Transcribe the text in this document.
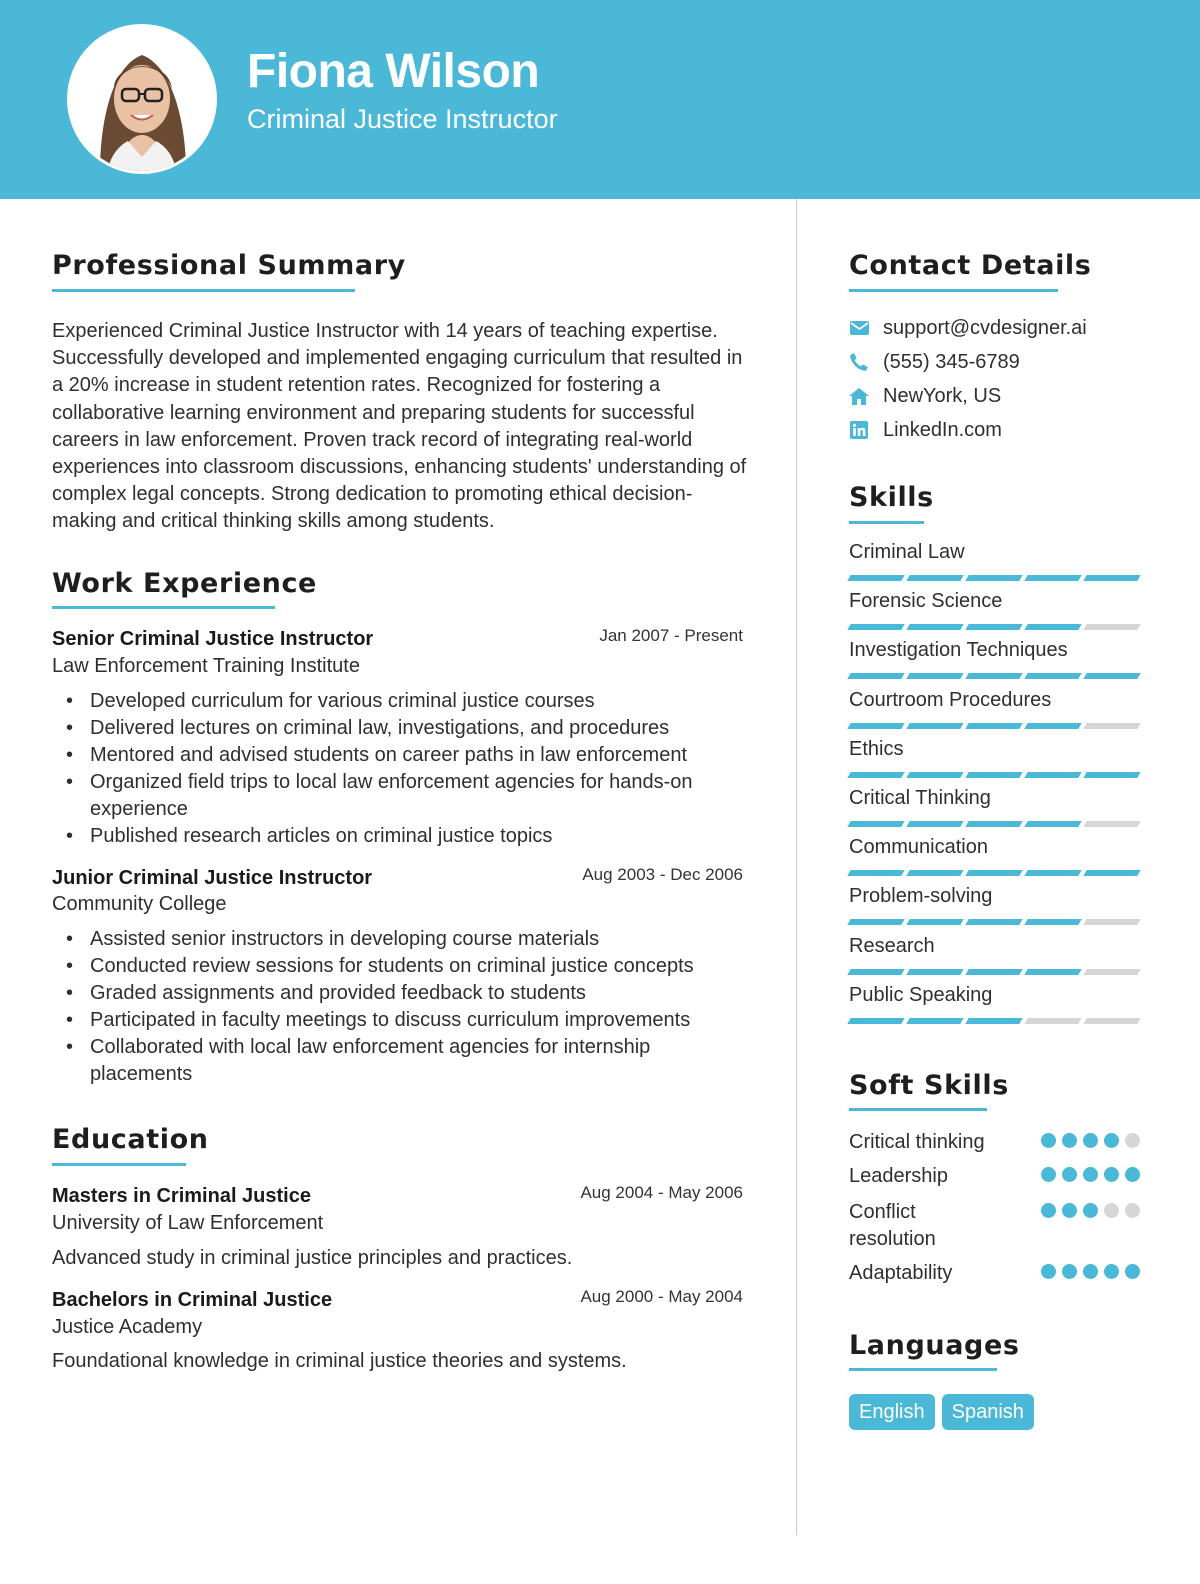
Fiona Wilson
Criminal Justice Instructor
Professional Summary
Experienced Criminal Justice Instructor with 14 years of teaching expertise. Successfully developed and implemented engaging curriculum that resulted in a 20% increase in student retention rates. Recognized for fostering a collaborative learning environment and preparing students for successful careers in law enforcement. Proven track record of integrating real-world experiences into classroom discussions, enhancing students' understanding of complex legal concepts. Strong dedication to promoting ethical decision-making and critical thinking skills among students.
Work Experience
Senior Criminal Justice Instructor	Jan 2007 - Present
Law Enforcement Training Institute
• Developed curriculum for various criminal justice courses
• Delivered lectures on criminal law, investigations, and procedures
• Mentored and advised students on career paths in law enforcement
• Organized field trips to local law enforcement agencies for hands-on experience
• Published research articles on criminal justice topics
Junior Criminal Justice Instructor	Aug 2003 - Dec 2006
Community College
• Assisted senior instructors in developing course materials
• Conducted review sessions for students on criminal justice concepts
• Graded assignments and provided feedback to students
• Participated in faculty meetings to discuss curriculum improvements
• Collaborated with local law enforcement agencies for internship placements
Education
Masters in Criminal Justice	Aug 2004 - May 2006
University of Law Enforcement
Advanced study in criminal justice principles and practices.
Bachelors in Criminal Justice	Aug 2000 - May 2004
Justice Academy
Foundational knowledge in criminal justice theories and systems.
Contact Details
support@cvdesigner.ai
(555) 345-6789
NewYork, US
LinkedIn.com
Skills
Criminal Law
Forensic Science
Investigation Techniques
Courtroom Procedures
Ethics
Critical Thinking
Communication
Problem-solving
Research
Public Speaking
Soft Skills
Critical thinking
Leadership
Conflict resolution
Adaptability
Languages
English	Spanish
